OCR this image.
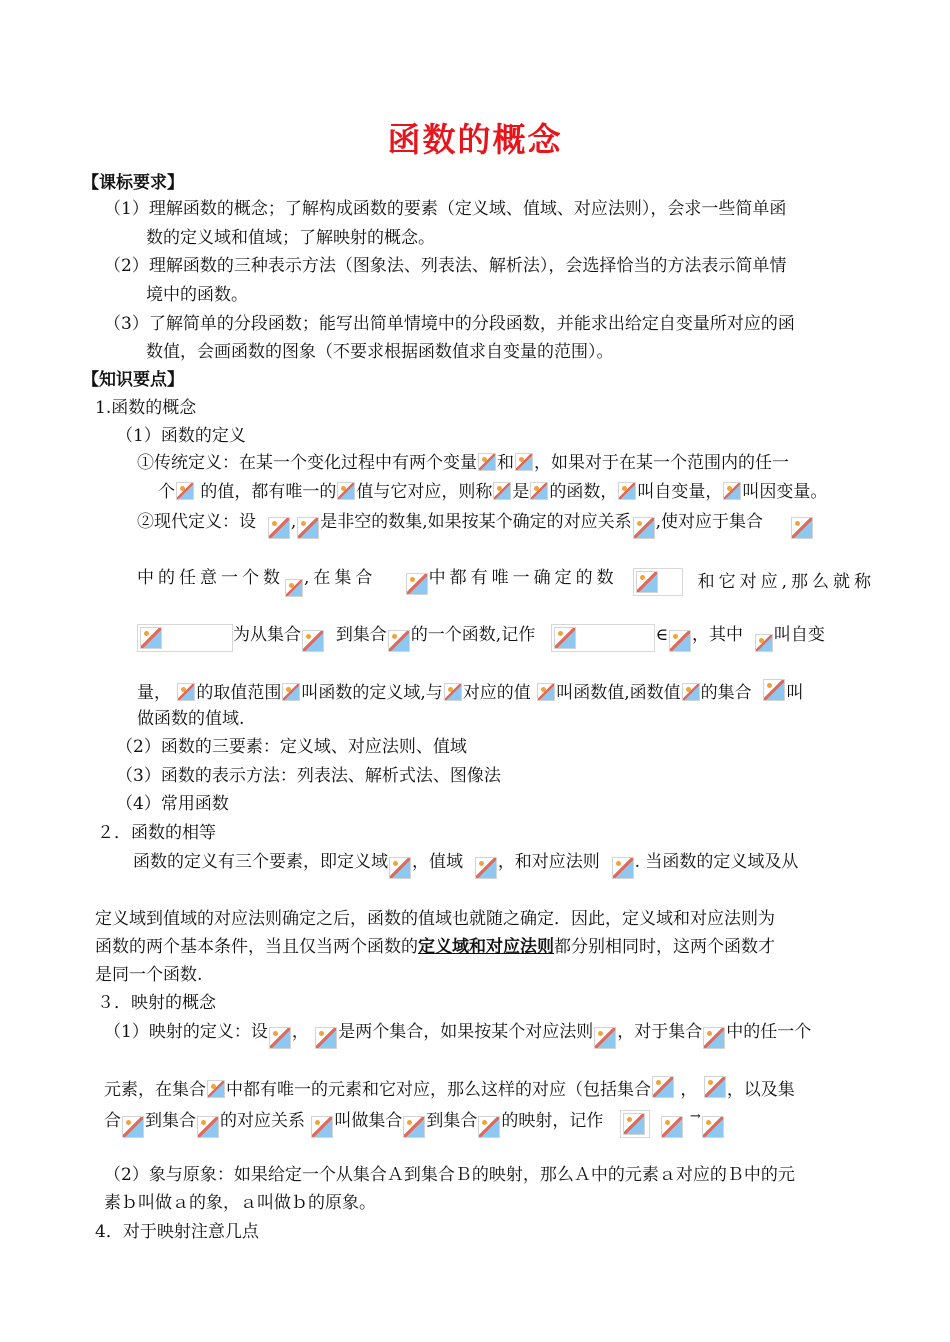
函数的概念
【课标要求】
（1）理解函数的概念；了解构成函数的要素（定义域、值域、对应法则），会求一些简单函
数的定义域和值域；了解映射的概念。
（2）理解函数的三种表示方法（图象法、列表法、解析法），会选择恰当的方法表示简单情
境中的函数。
（3）了解简单的分段函数；能写出简单情境中的分段函数，并能求出给定自变量所对应的函
数值，会画函数的图象（不要求根据函数值求自变量的范围）。
【知识要点】
1.函数的概念
（1）函数的定义
①传统定义：在某一个变化过程中有两个变量 和 ，如果对于在某一个范围内的任一
个 的值，都有唯一的 值与它对应，则称 是 的函数， 叫自变量， 叫因变量。
②现代定义：设 , 是非空的数集,如果按某个确定的对应关系 ,使对应于集合
中的任意一个数 ,在集合	中都有唯一确定的数	和它对应,那么就称
为从集合 到集合 的一个函数,记作	∈ ，其中 叫自变
量， 的取值范围 叫函数的定义域,与 对应的值 叫函数值,函数值 的集合 叫
做函数的值域.
（2）函数的三要素：定义域、对应法则、值域
（3）函数的表示方法：列表法、解析式法、图像法
（4）常用函数
２．函数的相等
函数的定义有三个要素，即定义域 ，值域 ，和对应法则 . 当函数的定义域及从
定义域到值域的对应法则确定之后，函数的值域也就随之确定．因此，定义域和对应法则为
函数的两个基本条件，当且仅当两个函数的定义域和对应法则都分别相同时，这两个函数才
是同一个函数.
３．映射的概念
（1）映射的定义：设 ， 是两个集合，如果按某个对应法则 ，对于集合 中的任一个
元素，在集合 中都有唯一的元素和它对应，那么这样的对应（包括集合 ， ，以及集
合 到集合 的对应关系 叫做集合 到集合 的映射，记作	→
（2）象与原象：如果给定一个从集合Ａ到集合Ｂ的映射，那么Ａ中的元素ａ对应的Ｂ中的元
素ｂ叫做ａ的象，ａ叫做ｂ的原象。
4．对于映射注意几点
